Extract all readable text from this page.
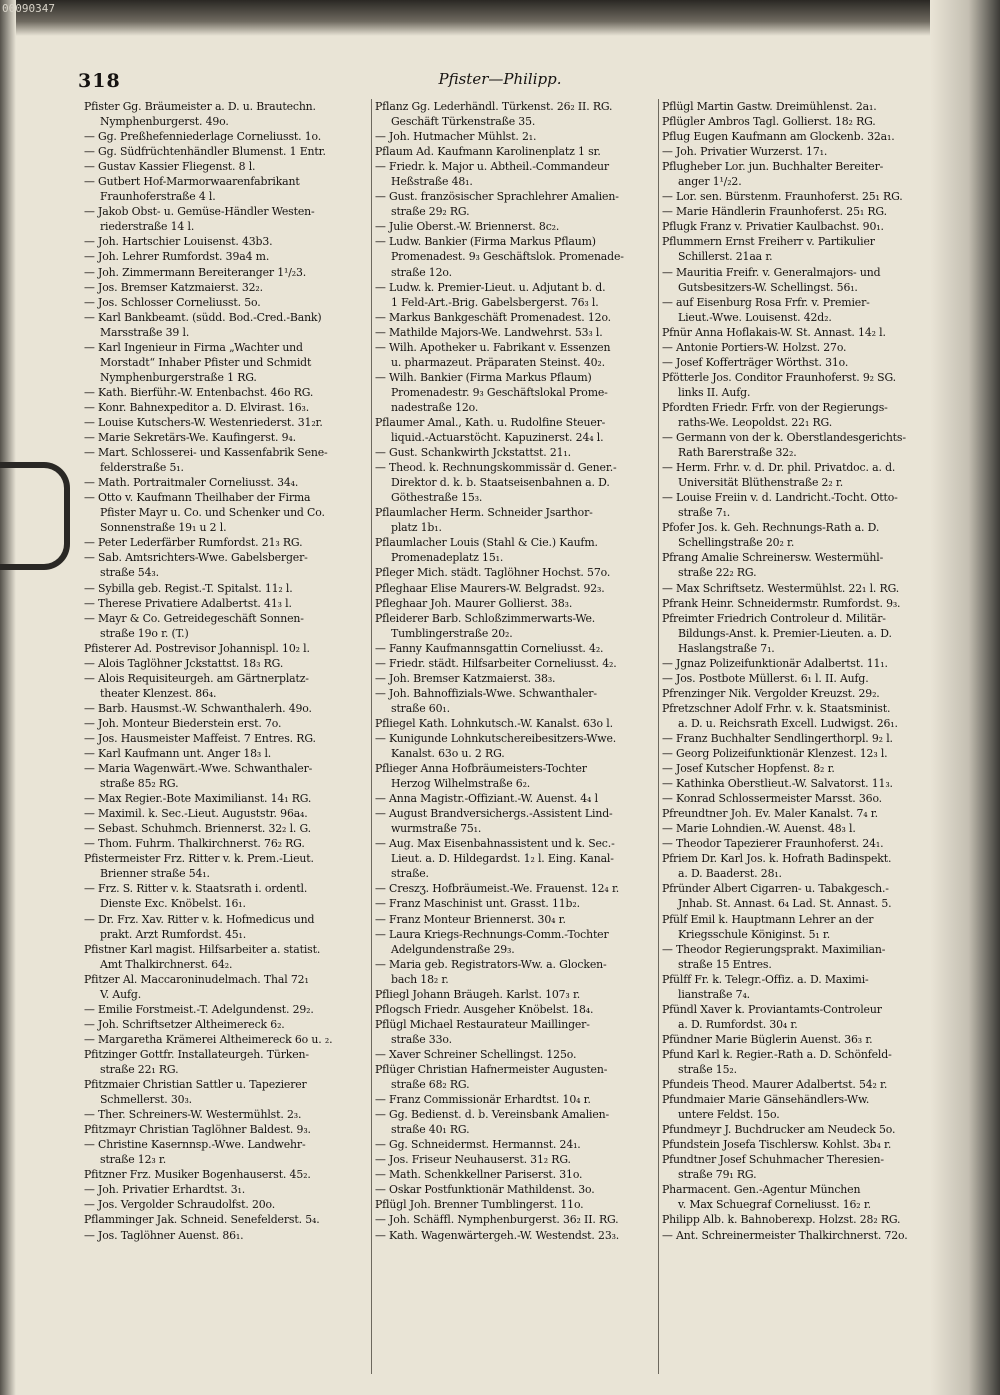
00090347
318	Pfister—Philipp.
Pfister Gg. Bräumeister a. D. u. Brautechn.
Nymphenburgerst. 49o.
— Gg. Preßhefenniederlage Corneliusst. 1o.
— Gg. Südfrüchtenhändler Blumenst. 1 Entr.
— Gustav Kassier Fliegenst. 8 l.
— Gutbert Hof-Marmorwaarenfabrikant
Fraunhoferstraße 4 l.
— Jakob Obst- u. Gemüse-Händler Westen-
riederstraße 14 l.
— Joh. Hartschier Louisenst. 43b3.
— Joh. Lehrer Rumfordst. 39a4 m.
— Joh. Zimmermann Bereiteranger 1¹/₂3.
— Jos. Bremser Katzmaierst. 32₂.
— Jos. Schlosser Corneliusst. 5o.
— Karl Bankbeamt. (südd. Bod.-Cred.-Bank)
Marsstraße 39 l.
— Karl Ingenieur in Firma „Wachter und
Morstadt“ Inhaber Pfister und Schmidt
Nymphenburgerstraße 1 RG.
— Kath. Bierführ.-W. Entenbachst. 46o RG.
— Konr. Bahnexpeditor a. D. Elvirast. 16₃.
— Louise Kutschers-W. Westenriederst. 31₂r.
— Marie Sekretärs-We. Kaufingerst. 9₄.
— Mart. Schlosserei- und Kassenfabrik Sene-
felderstraße 5₁.
— Math. Portraitmaler Corneliusst. 34₄.
— Otto v. Kaufmann Theilhaber der Firma
Pfister Mayr u. Co. und Schenker und Co.
Sonnenstraße 19₁ u 2 l.
— Peter Lederfärber Rumfordst. 21₃ RG.
— Sab. Amtsrichters-Wwe. Gabelsberger-
straße 54₃.
— Sybilla geb. Regist.-T. Spitalst. 11₂ l.
— Therese Privatiere Adalbertst. 41₃ l.
— Mayr & Co. Getreidegeschäft Sonnen-
straße 19o r. (T.)
Pfisterer Ad. Postrevisor Johannispl. 10₂ l.
— Alois Taglöhner Jckstattst. 18₃ RG.
— Alois Requisiteurgeh. am Gärtnerplatz-
theater Klenzest. 86₄.
— Barb. Hausmst.-W. Schwanthalerh. 49o.
— Joh. Monteur Biederstein erst. 7o.
— Jos. Hausmeister Maffeist. 7 Entres. RG.
— Karl Kaufmann unt. Anger 18₃ l.
— Maria Wagenwärt.-Wwe. Schwanthaler-
straße 85₂ RG.
— Max Regier.-Bote Maximilianst. 14₁ RG.
— Maximil. k. Sec.-Lieut. Auguststr. 96a₄.
— Sebast. Schuhmch. Briennerst. 32₂ l. G.
— Thom. Fuhrm. Thalkirchnerst. 76₂ RG.
Pfistermeister Frz. Ritter v. k. Prem.-Lieut.
Brienner straße 54₁.
— Frz. S. Ritter v. k. Staatsrath i. ordentl.
Dienste Exc. Knöbelst. 16₁.
— Dr. Frz. Xav. Ritter v. k. Hofmedicus und
prakt. Arzt Rumfordst. 45₁.
Pfistner Karl magist. Hilfsarbeiter a. statist.
Amt Thalkirchnerst. 64₂.
Pfitzer Al. Maccaroninudelmach. Thal 72₁
V. Aufg.
— Emilie Forstmeist.-T. Adelgundenst. 29₂.
— Joh. Schriftsetzer Altheimereck 6₂.
— Margaretha Krämerei Altheimereck 6o u. ₂.
Pfitzinger Gottfr. Installateurgeh. Türken-
straße 22₁ RG.
Pfitzmaier Christian Sattler u. Tapezierer
Schmellerst. 30₃.
— Ther. Schreiners-W. Westermühlst. 2₃.
Pfitzmayr Christian Taglöhner Baldest. 9₃.
— Christine Kasernnsp.-Wwe. Landwehr-
straße 12₃ r.
Pfitzner Frz. Musiker Bogenhauserst. 45₂.
— Joh. Privatier Erhardtst. 3₁.
— Jos. Vergolder Schraudolfst. 20o.
Pflamminger Jak. Schneid. Senefelderst. 5₄.
— Jos. Taglöhner Auenst. 86₁.
Pflanz Gg. Lederhändl. Türkenst. 26₂ II. RG.
Geschäft Türkenstraße 35.
— Joh. Hutmacher Mühlst. 2₁.
Pflaum Ad. Kaufmann Karolinenplatz 1 sr.
— Friedr. k. Major u. Abtheil.-Commandeur
Heßstraße 48₁.
— Gust. französischer Sprachlehrer Amalien-
straße 29₂ RG.
— Julie Oberst.-W. Briennerst. 8c₂.
— Ludw. Bankier (Firma Markus Pflaum)
Promenadest. 9₃ Geschäftslok. Promenade-
straße 12o.
— Ludw. k. Premier-Lieut. u. Adjutant b. d.
1 Feld-Art.-Brig. Gabelsbergerst. 76₃ l.
— Markus Bankgeschäft Promenadest. 12o.
— Mathilde Majors-We. Landwehrst. 53₃ l.
— Wilh. Apotheker u. Fabrikant v. Essenzen
u. pharmazeut. Präparaten Steinst. 40₂.
— Wilh. Bankier (Firma Markus Pflaum)
Promenadestr. 9₃ Geschäftslokal Prome-
nadestraße 12o.
Pflaumer Amal., Kath. u. Rudolfine Steuer-
liquid.-Actuarstöcht. Kapuzinerst. 24₄ l.
— Gust. Schankwirth Jckstattst. 21₁.
— Theod. k. Rechnungskommissär d. Gener.-
Direktor d. k. b. Staatseisenbahnen a. D.
Göthestraße 15₃.
Pflaumlacher Herm. Schneider Jsarthor-
platz 1b₁.
Pflaumlacher Louis (Stahl & Cie.) Kaufm.
Promenadeplatz 15₁.
Pfleger Mich. städt. Taglöhner Hochst. 57o.
Pfleghaar Elise Maurers-W. Belgradst. 92₃.
Pfleghaar Joh. Maurer Gollierst. 38₃.
Pfleiderer Barb. Schloßzimmerwarts-We.
Tumblingerstraße 20₂.
— Fanny Kaufmannsgattin Corneliusst. 4₂.
— Friedr. städt. Hilfsarbeiter Corneliusst. 4₂.
— Joh. Bremser Katzmaierst. 38₃.
— Joh. Bahnoffizials-Wwe. Schwanthaler-
straße 60₁.
Pfliegel Kath. Lohnkutsch.-W. Kanalst. 63o l.
— Kunigunde Lohnkutschereibesitzers-Wwe.
Kanalst. 63o u. 2 RG.
Pflieger Anna Hofbräumeisters-Tochter
Herzog Wilhelmstraße 6₂.
— Anna Magistr.-Offiziant.-W. Auenst. 4₄ l
— August Brandversichergs.-Assistent Lind-
wurmstraße 75₁.
— Aug. Max Eisenbahnassistent und k. Sec.-
Lieut. a. D. Hildegardst. 1₂ l. Eing. Kanal-
straße.
— Creszʒ. Hofbräumeist.-We. Frauenst. 12₄ r.
— Franz Maschinist unt. Grasst. 11b₂.
— Franz Monteur Briennerst. 30₄ r.
— Laura Kriegs-Rechnungs-Comm.-Tochter
Adelgundenstraße 29₃.
— Maria geb. Registrators-Ww. a. Glocken-
bach 18₂ r.
Pfliegl Johann Bräugeh. Karlst. 107₃ r.
Pflogsch Friedr. Ausgeher Knöbelst. 18₄.
Pflügl Michael Restaurateur Maillinger-
straße 33o.
— Xaver Schreiner Schellingst. 125o.
Pflüger Christian Hafnermeister Augusten-
straße 68₂ RG.
— Franz Commissionär Erhardtst. 10₄ r.
— Gg. Bedienst. d. b. Vereinsbank Amalien-
straße 40₁ RG.
— Gg. Schneidermst. Hermannst. 24₁.
— Jos. Friseur Neuhauserst. 31₂ RG.
— Math. Schenkkellner Pariserst. 31o.
— Oskar Postfunktionär Mathildenst. 3o.
Pflügl Joh. Brenner Tumblingerst. 11o.
— Joh. Schäffl. Nymphenburgerst. 36₂ II. RG.
— Kath. Wagenwärtergeh.-W. Westendst. 23₃.
Pflügl Martin Gastw. Dreimühlenst. 2a₁.
Pflügler Ambros Tagl. Gollierst. 18₂ RG.
Pflug Eugen Kaufmann am Glockenb. 32a₁.
— Joh. Privatier Wurzerst. 17₁.
Pflugheber Lor. jun. Buchhalter Bereiter-
anger 1¹/₂2.
— Lor. sen. Bürstenm. Fraunhoferst. 25₁ RG.
— Marie Händlerin Fraunhoferst. 25₁ RG.
Pflugk Franz v. Privatier Kaulbachst. 90₁.
Pflummern Ernst Freiherr v. Partikulier
Schillerst. 21aa r.
— Mauritia Freifr. v. Generalmajors- und
Gutsbesitzers-W. Schellingst. 56₁.
— auf Eisenburg Rosa Frfr. v. Premier-
Lieut.-Wwe. Louisenst. 42d₂.
Pfnür Anna Hoflakais-W. St. Annast. 14₂ l.
— Antonie Portiers-W. Holzst. 27o.
— Josef Kofferträger Wörthst. 31o.
Pfötterle Jos. Conditor Fraunhoferst. 9₂ SG.
links II. Aufg.
Pfordten Friedr. Frfr. von der Regierungs-
raths-We. Leopoldst. 22₁ RG.
— Germann von der k. Oberstlandesgerichts-
Rath Barerstraße 32₂.
— Herm. Frhr. v. d. Dr. phil. Privatdoc. a. d.
Universität Blüthenstraße 2₂ r.
— Louise Freiin v. d. Landricht.-Tocht. Otto-
straße 7₁.
Pfofer Jos. k. Geh. Rechnungs-Rath a. D.
Schellingstraße 20₂ r.
Pfrang Amalie Schreinersw. Westermühl-
straße 22₂ RG.
— Max Schriftsetz. Westermühlst. 22₁ l. RG.
Pfrank Heinr. Schneidermstr. Rumfordst. 9₃.
Pfreimter Friedrich Controleur d. Militär-
Bildungs-Anst. k. Premier-Lieuten. a. D.
Haslangstraße 7₁.
— Jgnaz Polizeifunktionär Adalbertst. 11₁.
— Jos. Postbote Müllerst. 6₁ l. II. Aufg.
Pfrenzinger Nik. Vergolder Kreuzst. 29₂.
Pfretzschner Adolf Frhr. v. k. Staatsminist.
a. D. u. Reichsrath Excell. Ludwigst. 26₁.
— Franz Buchhalter Sendlingerthorpl. 9₂ l.
— Georg Polizeifunktionär Klenzest. 12₃ l.
— Josef Kutscher Hopfenst. 8₂ r.
— Kathinka Oberstlieut.-W. Salvatorst. 11₃.
— Konrad Schlossermeister Marsst. 36o.
Pfreundtner Joh. Ev. Maler Kanalst. 7₄ r.
— Marie Lohndien.-W. Auenst. 48₃ l.
— Theodor Tapezierer Fraunhoferst. 24₁.
Pfriem Dr. Karl Jos. k. Hofrath Badinspekt.
a. D. Baaderst. 28₁.
Pfründer Albert Cigarren- u. Tabakgesch.-
Jnhab. St. Annast. 6₄ Lad. St. Annast. 5.
Pfülf Emil k. Hauptmann Lehrer an der
Kriegsschule Königinst. 5₁ r.
— Theodor Regierungsprakt. Maximilian-
straße 15 Entres.
Pfülff Fr. k. Telegr.-Offiz. a. D. Maximi-
lianstraße 7₄.
Pfündl Xaver k. Proviantamts-Controleur
a. D. Rumfordst. 30₄ r.
Pfündner Marie Büglerin Auenst. 36₃ r.
Pfund Karl k. Regier.-Rath a. D. Schönfeld-
straße 15₂.
Pfundeis Theod. Maurer Adalbertst. 54₂ r.
Pfundmaier Marie Gänsehändlers-Ww.
untere Feldst. 15o.
Pfundmeyr J. Buchdrucker am Neudeck 5o.
Pfundstein Josefa Tischlersw. Kohlst. 3b₄ r.
Pfundtner Josef Schuhmacher Theresien-
straße 79₁ RG.
Pharmacent. Gen.-Agentur München
v. Max Schuegraf Corneliusst. 16₂ r.
Philipp Alb. k. Bahnoberexp. Holzst. 28₂ RG.
— Ant. Schreinermeister Thalkirchnerst. 72o.
